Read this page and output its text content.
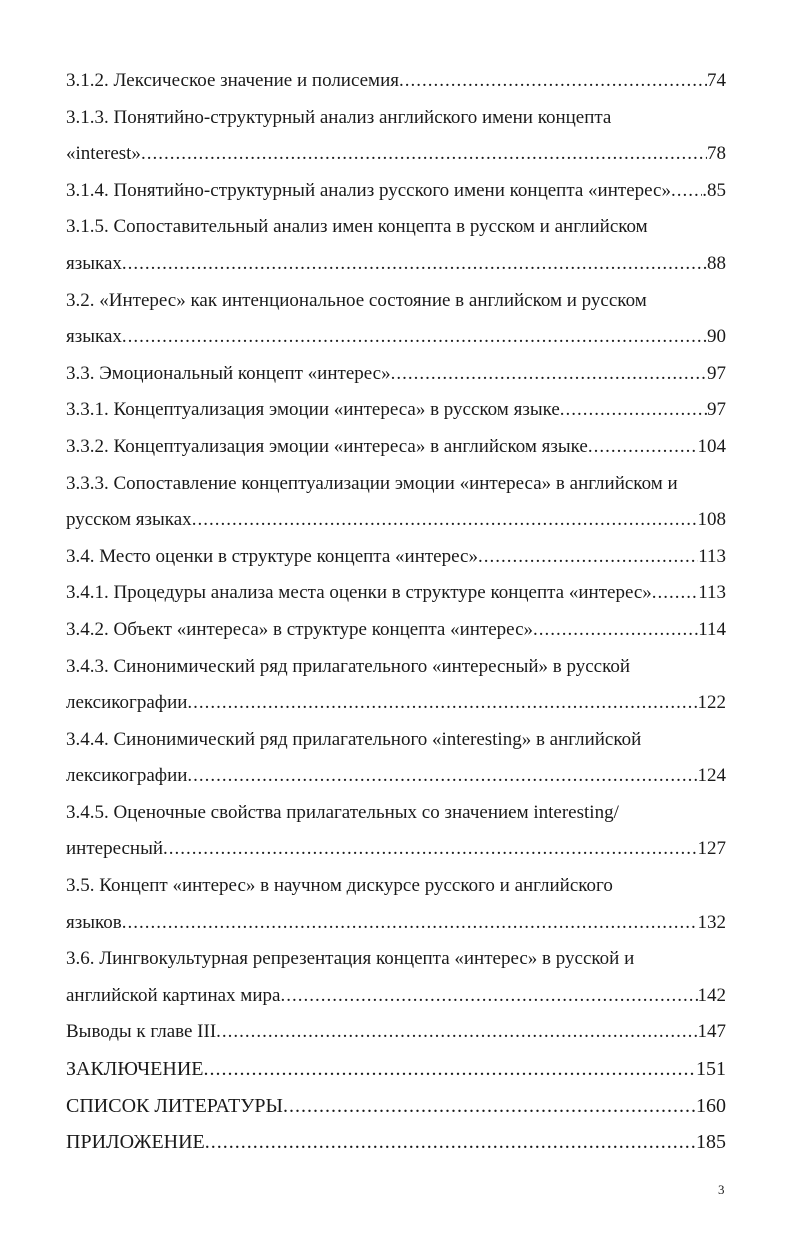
3.1.2. Лексическое значение и полисемия .....	74
3.1.3. Понятийно-структурный анализ английского имени концепта
«interest» .....	78
3.1.4. Понятийно-структурный анализ русского имени концепта «интерес» ..... .85
3.1.5. Сопоставительный анализ имен концепта в русском и английском
языках .....	88
3.2. «Интерес» как интенциональное состояние в английском и русском
языках .....	90
3.3. Эмоциональный концепт «интерес» .....	97
3.3.1. Концептуализация эмоции «интереса» в русском языке .....	97
3.3.2. Концептуализация эмоции «интереса» в английском языке .....	104
3.3.3. Сопоставление концептуализации эмоции «интереса» в английском и
русском языках .....	108
3.4. Место оценки в структуре концепта «интерес» .....	113
3.4.1. Процедуры анализа места оценки в структуре концепта «интерес» ..... 113
3.4.2. Объект «интереса» в структуре концепта «интерес» .....	114
3.4.3. Синонимический ряд прилагательного «интересный» в русской
лексикографии .....	122
3.4.4. Синонимический ряд прилагательного «interesting» в английской
лексикографии .....	124
3.4.5. Оценочные свойства прилагательных со значением interesting/
интересный .....	127
3.5. Концепт «интерес» в научном дискурсе русского и английского
языков .....	132
3.6. Лингвокультурная репрезентация концепта «интерес» в русской и
английской картинах мира .....	142
Выводы к главе III .....	147
ЗАКЛЮЧЕНИЕ .....	151
СПИСОК ЛИТЕРАТУРЫ .....	160
ПРИЛОЖЕНИЕ .....	185
3
